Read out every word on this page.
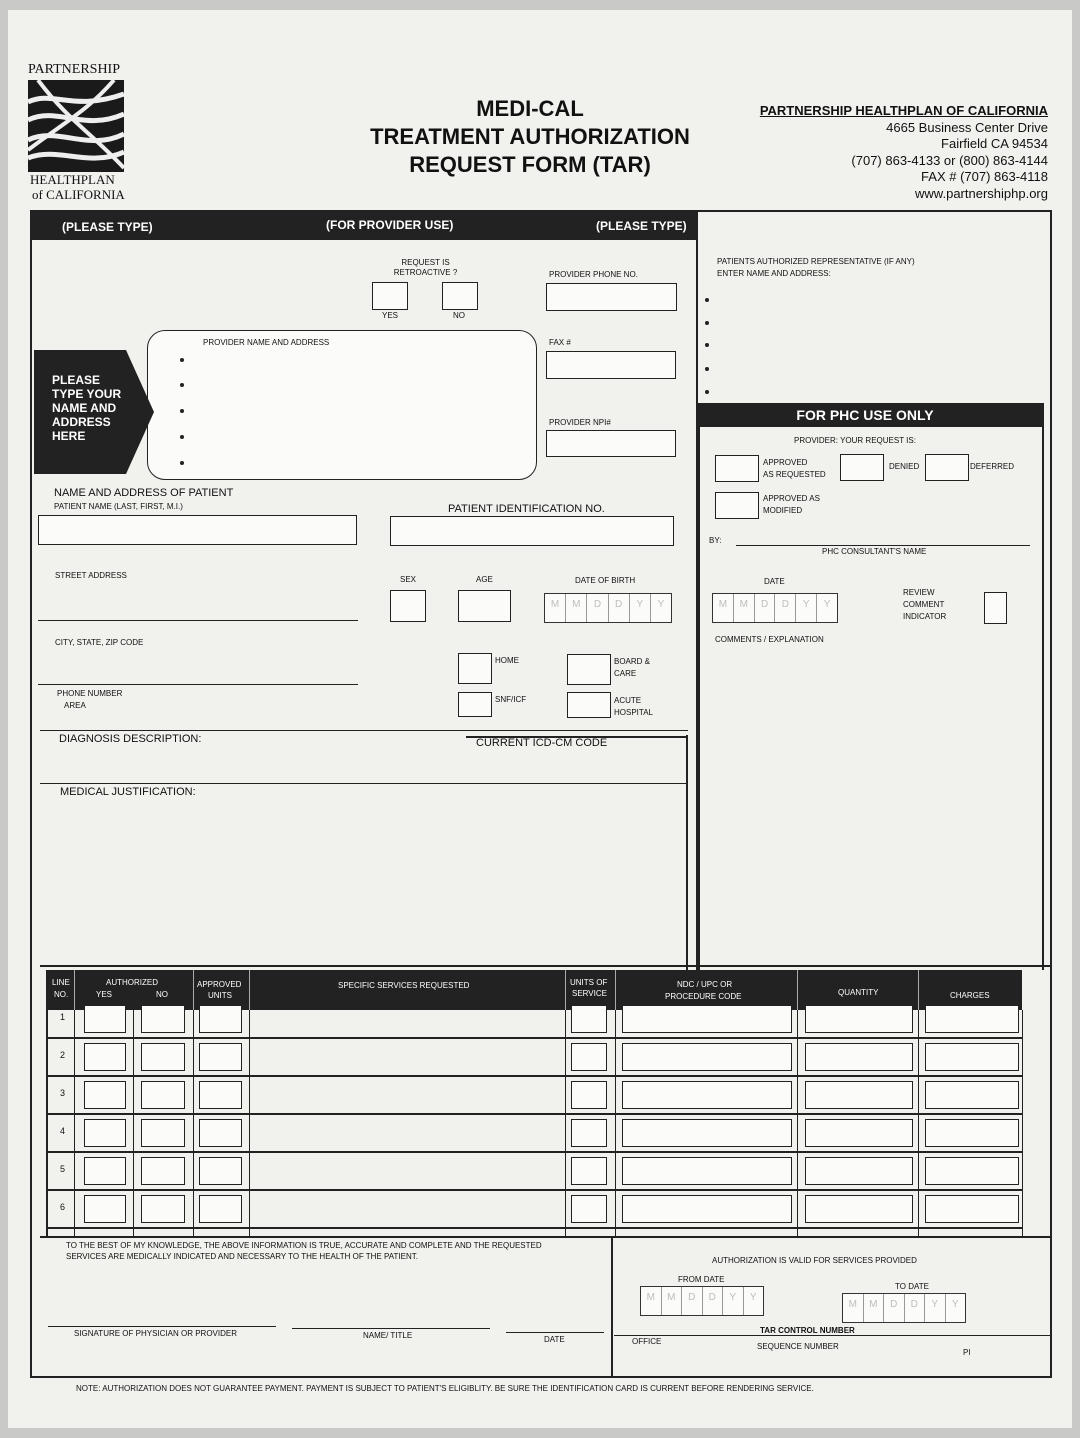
PARTNERSHIP
HEALTHPLAN
of CALIFORNIA
MEDI-CAL
TREATMENT AUTHORIZATION
REQUEST FORM (TAR)
PARTNERSHIP HEALTHPLAN OF CALIFORNIA
4665 Business Center Drive
Fairfield CA 94534
(707) 863-4133 or (800) 863-4144
FAX # (707) 863-4118
www.partnershiphp.org
(PLEASE TYPE)	(FOR PROVIDER USE)	(PLEASE TYPE)
REQUEST IS RETROACTIVE ?
YES	NO
PROVIDER PHONE NO.
FAX #
PROVIDER NPI#
PROVIDER NAME AND ADDRESS
PLEASE
TYPE YOUR
NAME AND
ADDRESS
HERE
PATIENTS AUTHORIZED REPRESENTATIVE (IF ANY)
ENTER NAME AND ADDRESS:
FOR PHC USE ONLY
PROVIDER: YOUR REQUEST IS:
APPROVED
AS REQUESTED
DENIED	DEFERRED
APPROVED AS
MODIFIED
BY:
PHC CONSULTANT'S NAME
DATE
M	M	D	D	Y	Y
REVIEW
COMMENT
INDICATOR
COMMENTS / EXPLANATION
NAME AND ADDRESS OF PATIENT
PATIENT NAME (LAST, FIRST, M.I.)	PATIENT IDENTIFICATION NO.
STREET ADDRESS	SEX	AGE	DATE OF BIRTH
M	M	D	D	Y	Y
CITY, STATE, ZIP CODE
PHONE NUMBER
AREA
HOME	BOARD &
CARE
SNF/ICF	ACUTE
HOSPITAL
DIAGNOSIS DESCRIPTION:	CURRENT ICD-CM CODE
MEDICAL JUSTIFICATION:
LINE
NO.
AUTHORIZED
YES	NO
APPROVED
UNITS
SPECIFIC SERVICES REQUESTED	UNITS OF
SERVICE
NDC / UPC OR
PROCEDURE CODE	QUANTITY	CHARGES
1
2
3
4
5
6
TO THE BEST OF MY KNOWLEDGE, THE ABOVE INFORMATION IS TRUE, ACCURATE AND COMPLETE AND THE REQUESTED
SERVICES ARE MEDICALLY INDICATED AND NECESSARY TO THE HEALTH OF THE PATIENT.
SIGNATURE OF PHYSICIAN OR PROVIDER	NAME/ TITLE	DATE
AUTHORIZATION IS VALID FOR SERVICES PROVIDED
FROM DATE
M	M	D	D	Y	Y
TO DATE
M	M	D	D	Y	Y
TAR CONTROL NUMBER
OFFICE
SEQUENCE NUMBER
PI
NOTE: AUTHORIZATION DOES NOT GUARANTEE PAYMENT. PAYMENT IS SUBJECT TO PATIENT'S ELIGIBLITY. BE SURE THE IDENTIFICATION CARD IS CURRENT BEFORE RENDERING SERVICE.
